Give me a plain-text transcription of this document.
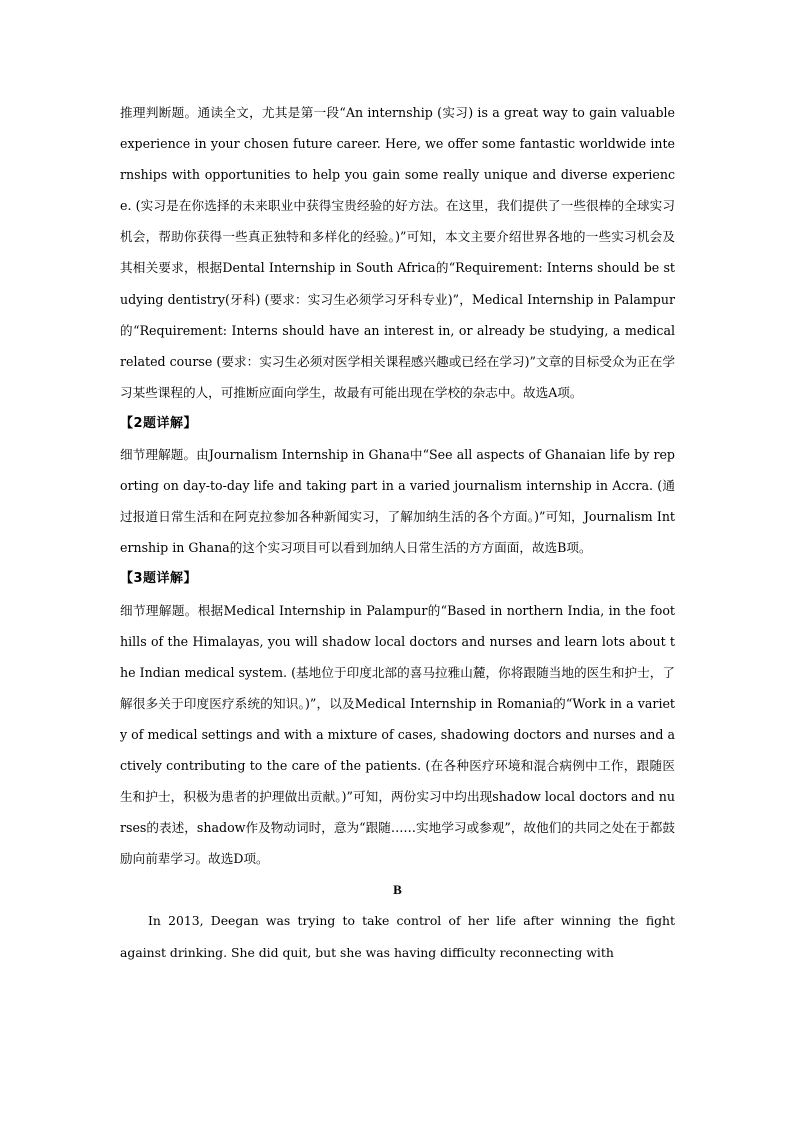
推理判断题。通读全文，尤其是第一段“An internship (实习) is a great way to gain valuable experience in your chosen future career. Here, we offer some fantastic worldwide internships with opportunities to help you gain some really unique and diverse experience. (实习是在你选择的未来职业中获得宝贵经验的好方法。在这里，我们提供了一些很棒的全球实习机会，帮助你获得一些真正独特和多样化的经验。)”可知，本文主要介绍世界各地的一些实习机会及其相关要求，根据Dental Internship in South Africa的“Requirement: Interns should be studying dentistry(牙科) (要求：实习生必须学习牙科专业)”，Medical Internship in Palampur的“Requirement: Interns should have an interest in, or already be studying, a medical related course (要求：实习生必须对医学相关课程感兴趣或已经在学习)”文章的目标受众为正在学习某些课程的人，可推断应面向学生，故最有可能出现在学校的杂志中。故选A项。

【2题详解】

细节理解题。由Journalism Internship in Ghana中“See all aspects of Ghanaian life by reporting on day-to-day life and taking part in a varied journalism internship in Accra. (通过报道日常生活和在阿克拉参加各种新闻实习，了解加纳生活的各个方面。)”可知，Journalism Internship in Ghana的这个实习项目可以看到加纳人日常生活的方方面面，故选B项。

【3题详解】

细节理解题。根据Medical Internship in Palampur的“Based in northern India, in the foothills of the Himalayas, you will shadow local doctors and nurses and learn lots about the Indian medical system. (基地位于印度北部的喜马拉雅山麓，你将跟随当地的医生和护士，了解很多关于印度医疗系统的知识。)”，以及Medical Internship in Romania的“Work in a variety of medical settings and with a mixture of cases, shadowing doctors and nurses and actively contributing to the care of the patients. (在各种医疗环境和混合病例中工作，跟随医生和护士，积极为患者的护理做出贡献。)”可知，两份实习中均出现shadow local doctors and nurses的表述，shadow作及物动词时，意为“跟随……实地学习或参观”，故他们的共同之处在于都鼓励向前辈学习。故选D项。

B

In 2013, Deegan was trying to take control of her life after winning the fight against drinking. She did quit, but she was having difficulty reconnecting with
